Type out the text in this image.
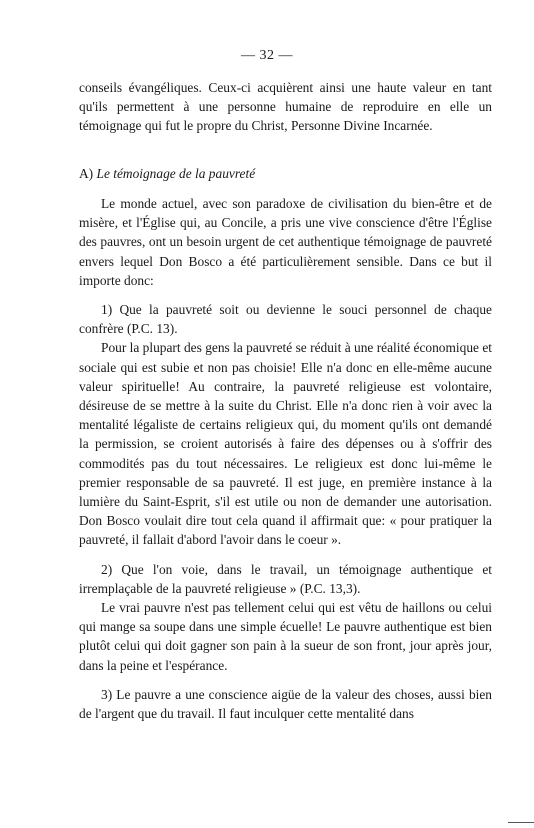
— 32 —

conseils évangéliques. Ceux-ci acquièrent ainsi une haute valeur en tant qu'ils permettent à une personne humaine de reproduire en elle un témoignage qui fut le propre du Christ, Personne Divine Incarnée.

A) Le témoignage de la pauvreté

Le monde actuel, avec son paradoxe de civilisation du bien-être et de misère, et l'Église qui, au Concile, a pris une vive conscience d'être l'Église des pauvres, ont un besoin urgent de cet authentique témoignage de pauvreté envers lequel Don Bosco a été particulièrement sensible. Dans ce but il importe donc:

1) Que la pauvreté soit ou devienne le souci personnel de chaque confrère (P.C. 13).

Pour la plupart des gens la pauvreté se réduit à une réalité économique et sociale qui est subie et non pas choisie! Elle n'a donc en elle-même aucune valeur spirituelle! Au contraire, la pauvreté religieuse est volontaire, désireuse de se mettre à la suite du Christ. Elle n'a donc rien à voir avec la mentalité légaliste de certains religieux qui, du moment qu'ils ont demandé la permission, se croient autorisés à faire des dépenses ou à s'offrir des commodités pas du tout nécessaires. Le religieux est donc lui-même le premier responsable de sa pauvreté. Il est juge, en première instance à la lumière du Saint-Esprit, s'il est utile ou non de demander une autorisation. Don Bosco voulait dire tout cela quand il affirmait que: « pour pratiquer la pauvreté, il fallait d'abord l'avoir dans le coeur ».

2) Que l'on voie, dans le travail, un témoignage authentique et irremplaçable de la pauvreté religieuse » (P.C. 13,3).

Le vrai pauvre n'est pas tellement celui qui est vêtu de haillons ou celui qui mange sa soupe dans une simple écuelle! Le pauvre authentique est bien plutôt celui qui doit gagner son pain à la sueur de son front, jour après jour, dans la peine et l'espérance.

3) Le pauvre a une conscience aigüe de la valeur des choses, aussi bien de l'argent que du travail. Il faut inculquer cette mentalité dans
